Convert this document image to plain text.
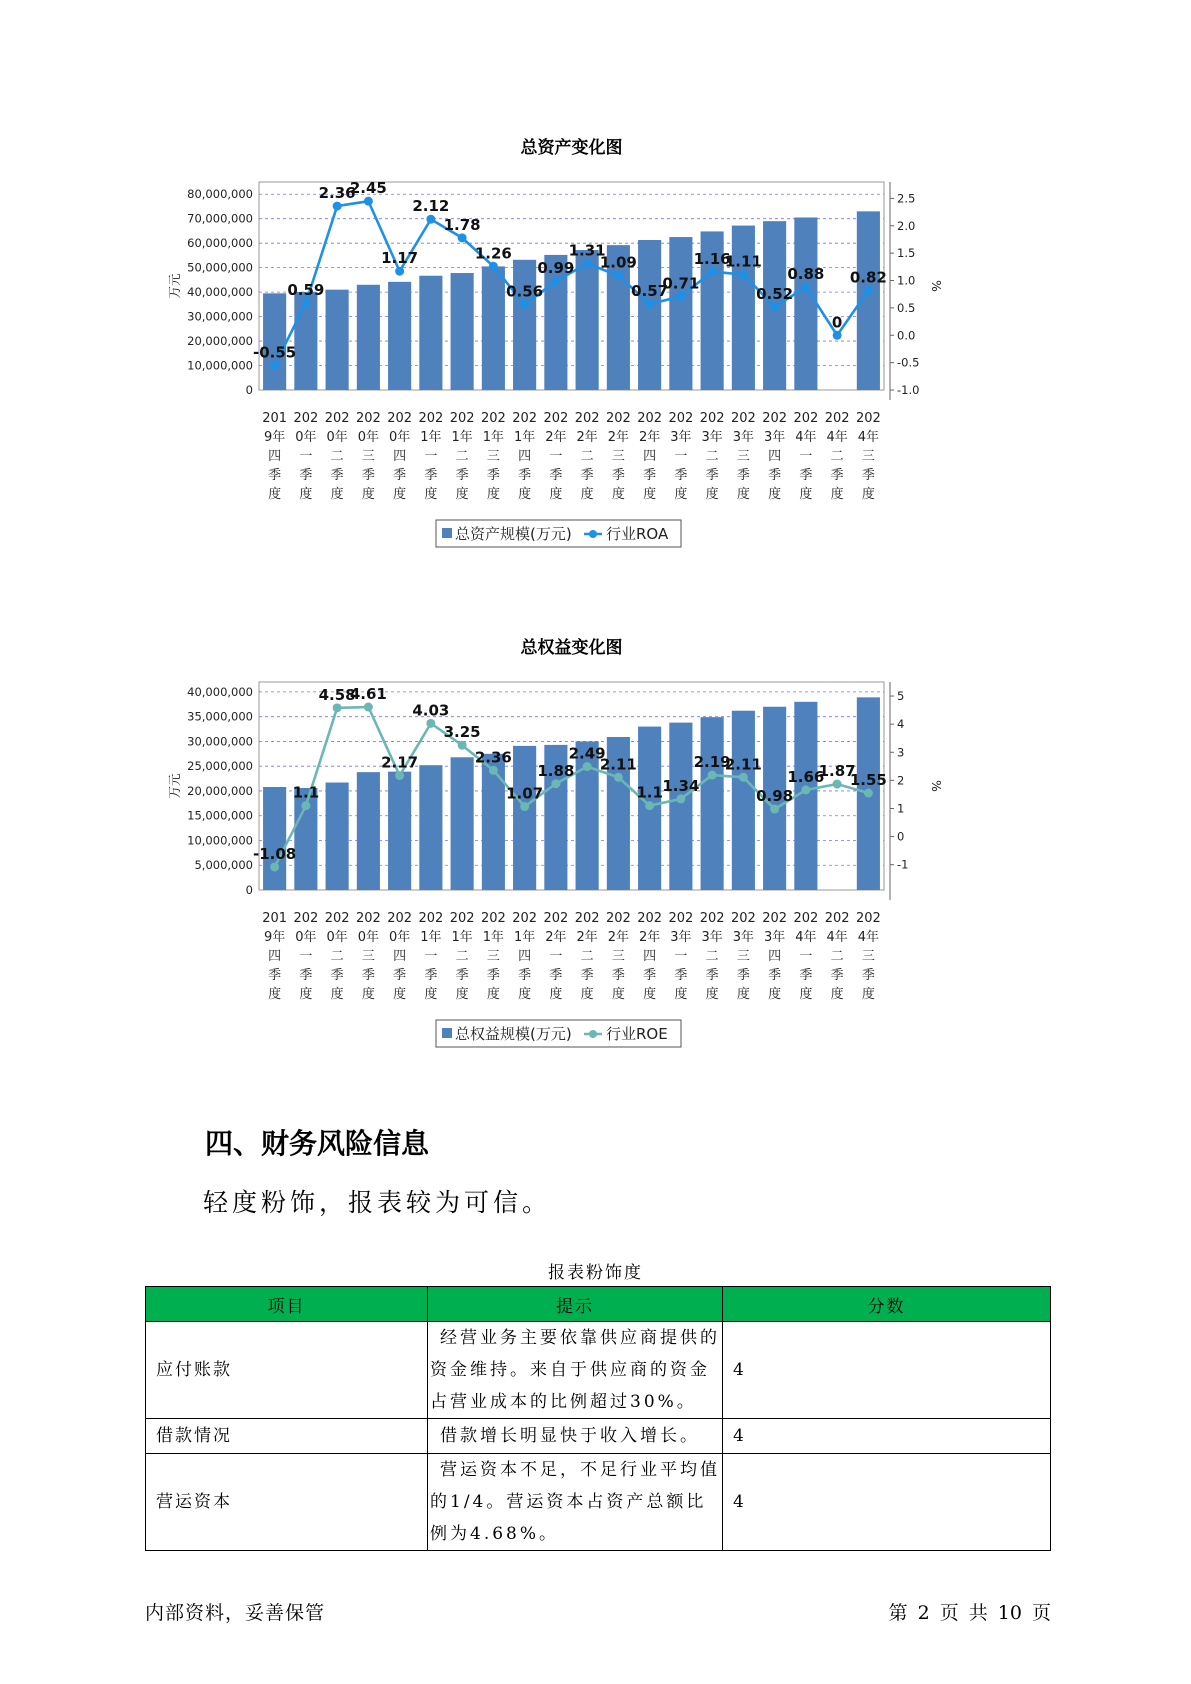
总资产变化图
0
10,000,000
20,000,000
30,000,000
40,000,000
50,000,000
60,000,000
70,000,000
80,000,000
-1.0
-0.5
0.0
0.5
1.0
1.5
2.0
2.5
万元	%
-0.55
0.59
2.36
2.45
1.17
2.12
1.78
1.26
0.56
0.99
1.31
1.09
0.57
0.71
1.16
1.11
0.52
0.88
0
0.82
201
9年
四
季
度
202
0年
一
季
度
202
0年
二
季
度
202
0年
三
季
度
202
0年
四
季
度
202
1年
一
季
度
202
1年
二
季
度
202
1年
三
季
度
202
1年
四
季
度
202
2年
一
季
度
202
2年
二
季
度
202
2年
三
季
度
202
2年
四
季
度
202
3年
一
季
度
202
3年
二
季
度
202
3年
三
季
度
202
3年
四
季
度
202
4年
一
季
度
202
4年
二
季
度
202
4年
三
季
度
总资产规模(万元) 行业ROA
总权益变化图
0
5,000,000
10,000,000
15,000,000
20,000,000
25,000,000
30,000,000
35,000,000
40,000,000
-1
0
1
2
3
4
5
万元	%
-1.08
1.1
4.58
4.61
2.17
4.03
3.25
2.36
1.07
1.88
2.49
2.11
1.1 1.34
2.19
2.11
0.98
1.66
1.87
1.55
201
9年
四
季
度
202
0年
一
季
度
202
0年
二
季
度
202
0年
三
季
度
202
0年
四
季
度
202
1年
一
季
度
202
1年
二
季
度
202
1年
三
季
度
202
1年
四
季
度
202
2年
一
季
度
202
2年
二
季
度
202
2年
三
季
度
202
2年
四
季
度
202
3年
一
季
度
202
3年
二
季
度
202
3年
三
季
度
202
3年
四
季
度
202
4年
一
季
度
202
4年
二
季
度
202
4年
三
季
度
总权益规模(万元) 行业ROE
四、财务风险信息

轻度粉饰，报表较为可信。

报表粉饰度
项目	提示	分数
应付账款	经营业务主要依靠供应商提供的资金维持。来自于供应商的资金占营业成本的比例超过30%。	4
借款情况	借款增长明显快于收入增长。	4
营运资本	营运资本不足，不足行业平均值的1/4。营运资本占资产总额比例为4.68%。	4
内部资料，妥善保管	第 2 页 共 10 页
